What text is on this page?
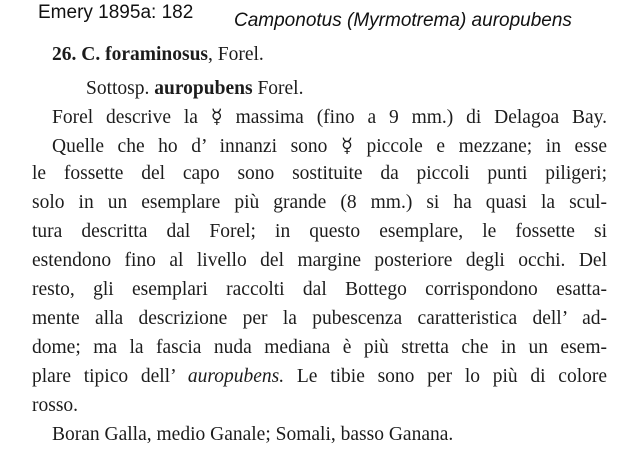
Emery 1895a: 182 Camponotus (Myrmotrema) auropubens
26. C. foraminosus, Forel.
Sottosp. auropubens Forel.
Forel descrive la ☿ massima (fino a 9 mm.) di Delagoa Bay.
Quelle che ho d’ innanzi sono ☿ piccole e mezzane; in esse
le fossette del capo sono sostituite da piccoli punti piligeri;
solo in un esemplare più grande (8 mm.) si ha quasi la scul-
tura descritta dal Forel; in questo esemplare, le fossette si
estendono fino al livello del margine posteriore degli occhi. Del
resto, gli esemplari raccolti dal Bottego corrispondono esatta-
mente alla descrizione per la pubescenza caratteristica dell’ ad-
dome; ma la fascia nuda mediana è più stretta che in un esem-
plare tipico dell’ auropubens. Le tibie sono per lo più di colore
rosso.
Boran Galla, medio Ganale; Somali, basso Ganana.
